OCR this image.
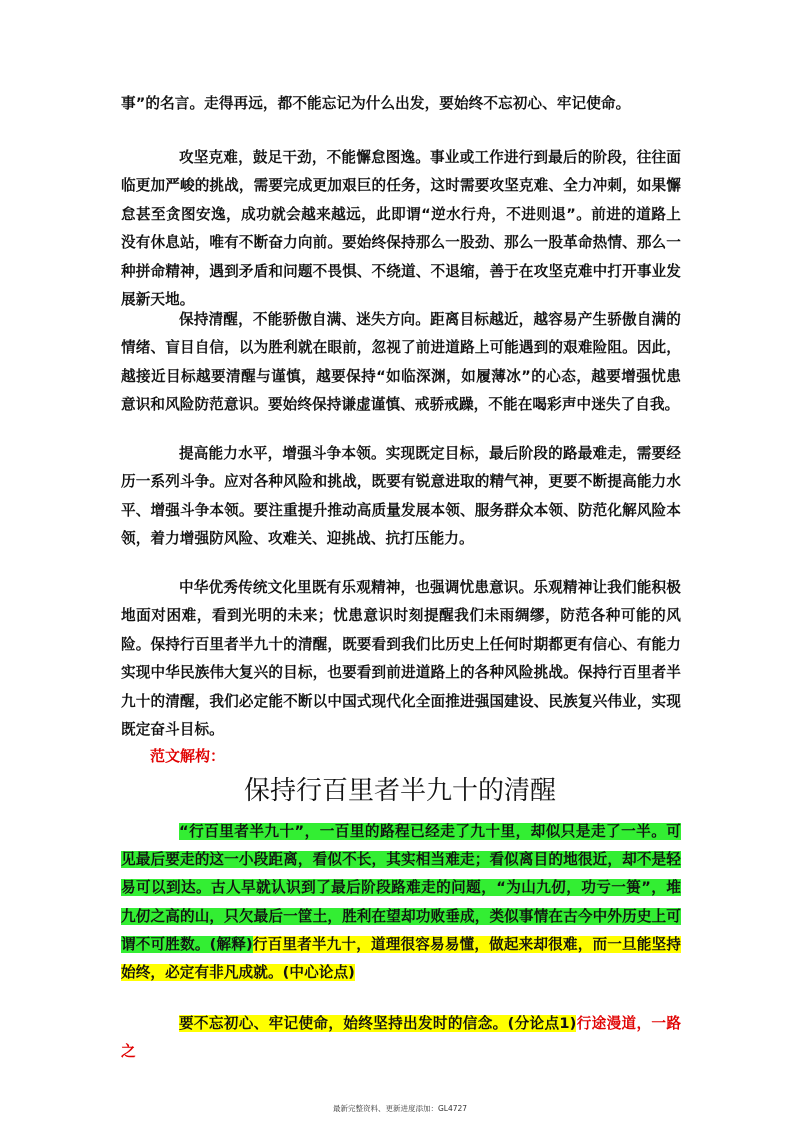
事”的名言。走得再远，都不能忘记为什么出发，要始终不忘初心、牢记使命。

攻坚克难，鼓足干劲，不能懈怠图逸。事业或工作进行到最后的阶段，往往面临更加严峻的挑战，需要完成更加艰巨的任务，这时需要攻坚克难、全力冲刺，如果懈怠甚至贪图安逸，成功就会越来越远，此即谓“逆水行舟，不进则退”。前进的道路上没有休息站，唯有不断奋力向前。要始终保持那么一股劲、那么一股革命热情、那么一种拼命精神，遇到矛盾和问题不畏惧、不绕道、不退缩，善于在攻坚克难中打开事业发展新天地。

保持清醒，不能骄傲自满、迷失方向。距离目标越近，越容易产生骄傲自满的情绪、盲目自信，以为胜利就在眼前，忽视了前进道路上可能遇到的艰难险阻。因此，越接近目标越要清醒与谨慎，越要保持“如临深渊，如履薄冰”的心态，越要增强忧患意识和风险防范意识。要始终保持谦虚谨慎、戒骄戒躁，不能在喝彩声中迷失了自我。

提高能力水平，增强斗争本领。实现既定目标，最后阶段的路最难走，需要经历一系列斗争。应对各种风险和挑战，既要有锐意进取的精气神，更要不断提高能力水平、增强斗争本领。要注重提升推动高质量发展本领、服务群众本领、防范化解风险本领，着力增强防风险、攻难关、迎挑战、抗打压能力。

中华优秀传统文化里既有乐观精神，也强调忧患意识。乐观精神让我们能积极地面对困难，看到光明的未来；忧患意识时刻提醒我们未雨绸缪，防范各种可能的风险。保持行百里者半九十的清醒，既要看到我们比历史上任何时期都更有信心、有能力实现中华民族伟大复兴的目标，也要看到前进道路上的各种风险挑战。保持行百里者半九十的清醒，我们必定能不断以中国式现代化全面推进强国建设、民族复兴伟业，实现既定奋斗目标。

范文解构：

保持行百里者半九十的清醒

“行百里者半九十”，一百里的路程已经走了九十里，却似只是走了一半。可见最后要走的这一小段距离，看似不长，其实相当难走；看似离目的地很近，却不是轻易可以到达。古人早就认识到了最后阶段路难走的问题，“为山九仞，功亏一篑”，堆九仞之高的山，只欠最后一筐土，胜利在望却功败垂成，类似事情在古今中外历史上可谓不可胜数。(解释)行百里者半九十，道理很容易易懂，做起来却很难，而一旦能坚持始终，必定有非凡成就。(中心论点)

要不忘初心、牢记使命，始终坚持出发时的信念。(分论点1)行途漫道，一路之

最新完整资料、更新进度添加：GL4727
